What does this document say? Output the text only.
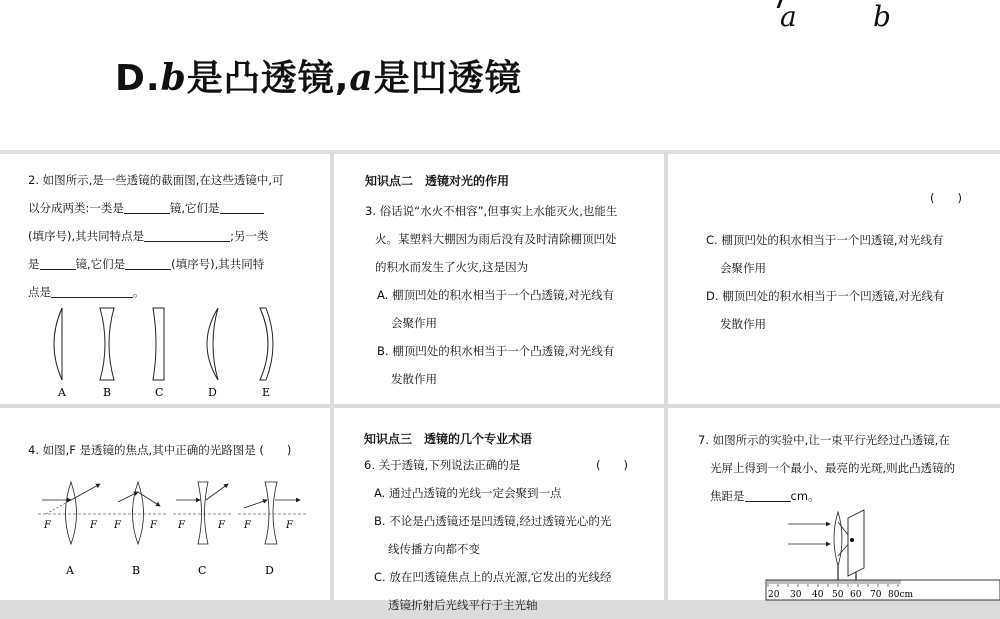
D.b是凸透镜,a是凹透镜
a	b
2. 如图所示,是一些透镜的截面图,在这些透镜中,可
以分成两类:一类是	镜,它们是
(填序号),其共同特点是	;另一类
是	镜,它们是	(填序号),其共同特
点是	。
A	B	C	D	E
知识点二　透镜对光的作用
3. 俗话说“水火不相容”,但事实上水能灭火,也能生
火。某塑料大棚因为雨后没有及时清除棚顶凹处
的积水而发生了火灾,这是因为
A. 棚顶凹处的积水相当于一个凸透镜,对光线有
会聚作用
B. 棚顶凹处的积水相当于一个凸透镜,对光线有
发散作用
(　　)
C. 棚顶凹处的积水相当于一个凹透镜,对光线有
会聚作用
D. 棚顶凹处的积水相当于一个凹透镜,对光线有
发散作用
4. 如图,F 是透镜的焦点,其中正确的光路图是 (　　)
F	F F	F F	F F	F
A	B	C	D
知识点三　透镜的几个专业术语
6. 关于透镜,下列说法正确的是	(　　)
A. 通过凸透镜的光线一定会聚到一点
B. 不论是凸透镜还是凹透镜,经过透镜光心的光
线传播方向都不变
C. 放在凹透镜焦点上的点光源,它发出的光线经
透镜折射后光线平行于主光轴
7. 如图所示的实验中,让一束平行光经过凸透镜,在
光屏上得到一个最小、最亮的光斑,则此凸透镜的
焦距是	cm。
20 30 40 50 60 70 80cm
